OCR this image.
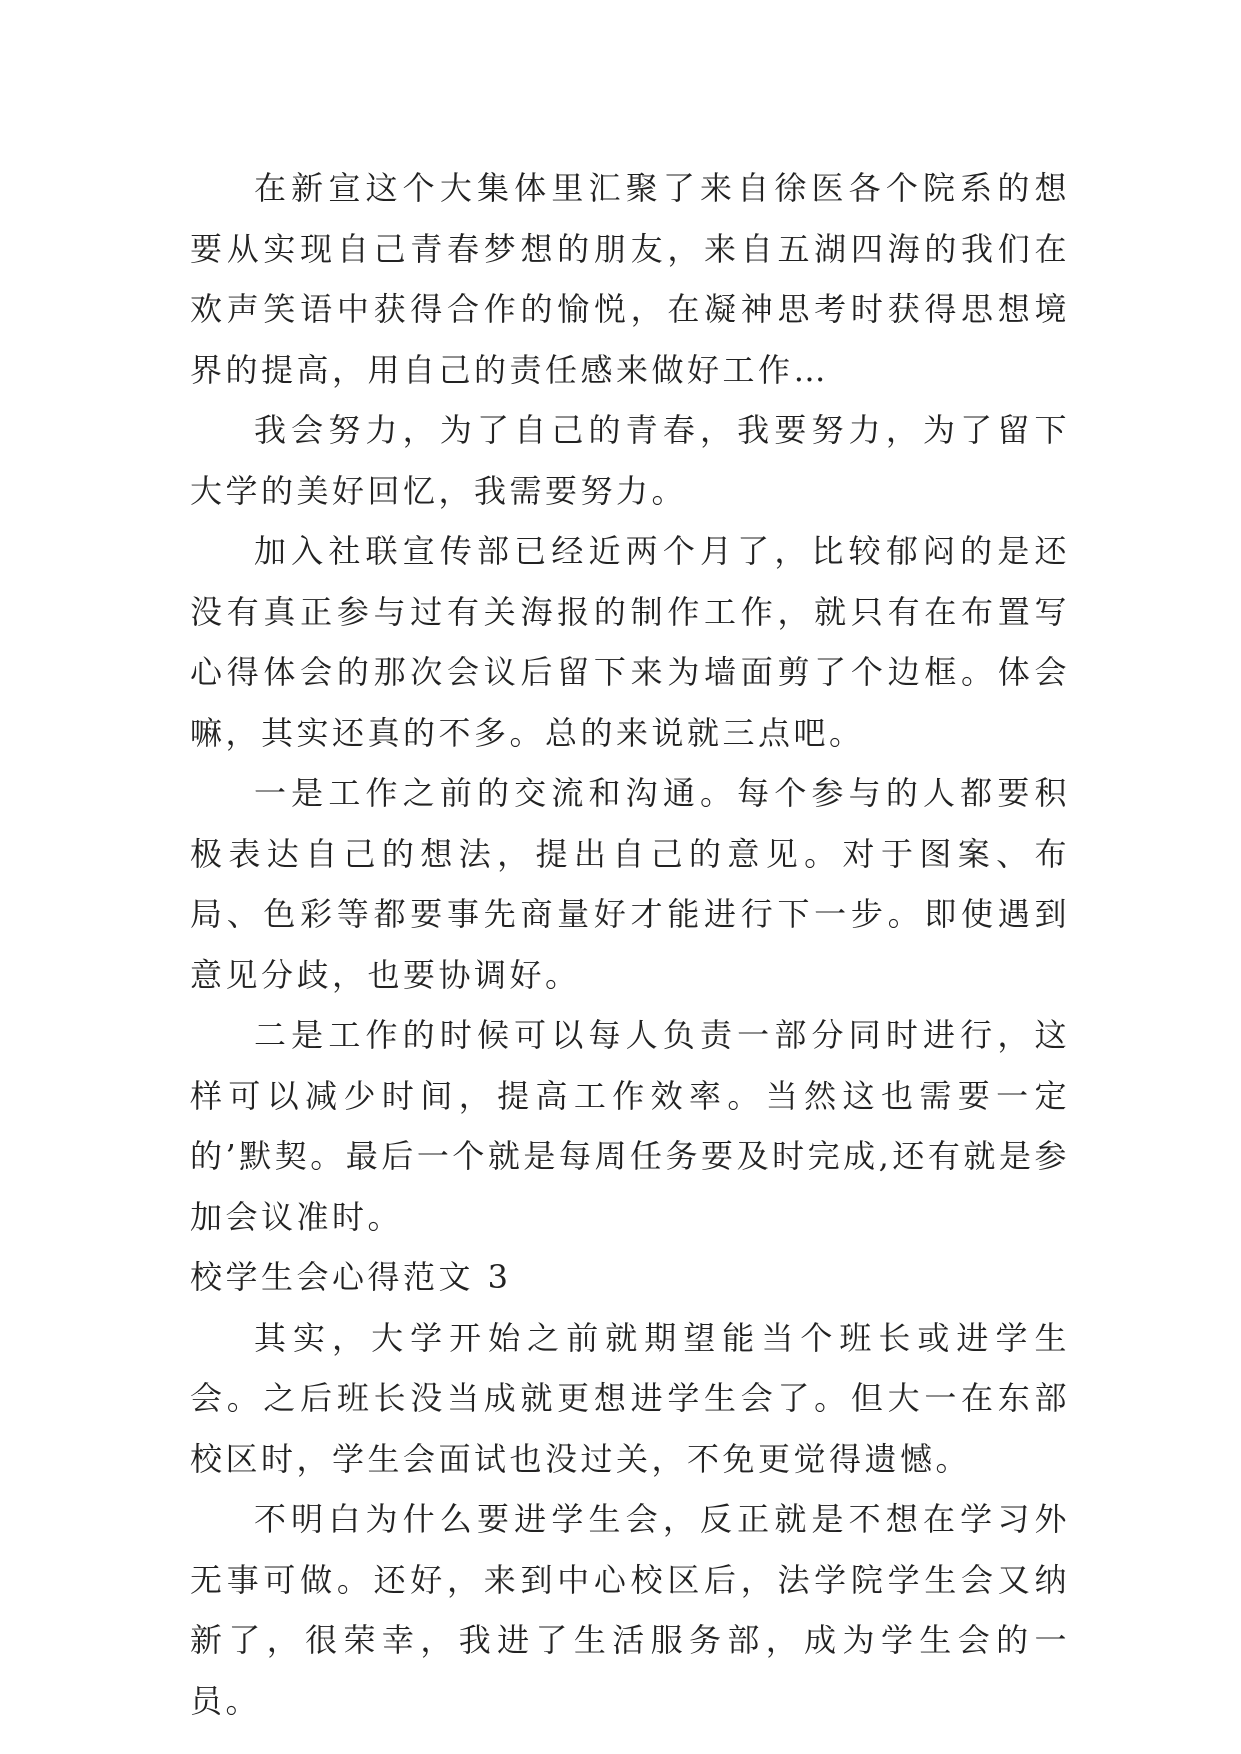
在新宣这个大集体里汇聚了来自徐医各个院系的想要从实现自己青春梦想的朋友，来自五湖四海的我们在欢声笑语中获得合作的愉悦，在凝神思考时获得思想境界的提高，用自己的责任感来做好工作…

我会努力，为了自己的青春，我要努力，为了留下大学的美好回忆，我需要努力。

加入社联宣传部已经近两个月了，比较郁闷的是还没有真正参与过有关海报的制作工作，就只有在布置写心得体会的那次会议后留下来为墙面剪了个边框。体会嘛，其实还真的不多。总的来说就三点吧。

一是工作之前的交流和沟通。每个参与的人都要积极表达自己的想法，提出自己的意见。对于图案、布局、色彩等都要事先商量好才能进行下一步。即使遇到意见分歧，也要协调好。

二是工作的时候可以每人负责一部分同时进行，这样可以减少时间，提高工作效率。当然这也需要一定的’默契。最后一个就是每周任务要及时完成,还有就是参加会议准时。

校学生会心得范文 3

其实，大学开始之前就期望能当个班长或进学生会。之后班长没当成就更想进学生会了。但大一在东部校区时，学生会面试也没过关，不免更觉得遗憾。

不明白为什么要进学生会，反正就是不想在学习外无事可做。还好，来到中心校区后，法学院学生会又纳新了，很荣幸，我进了生活服务部，成为学生会的一员。
